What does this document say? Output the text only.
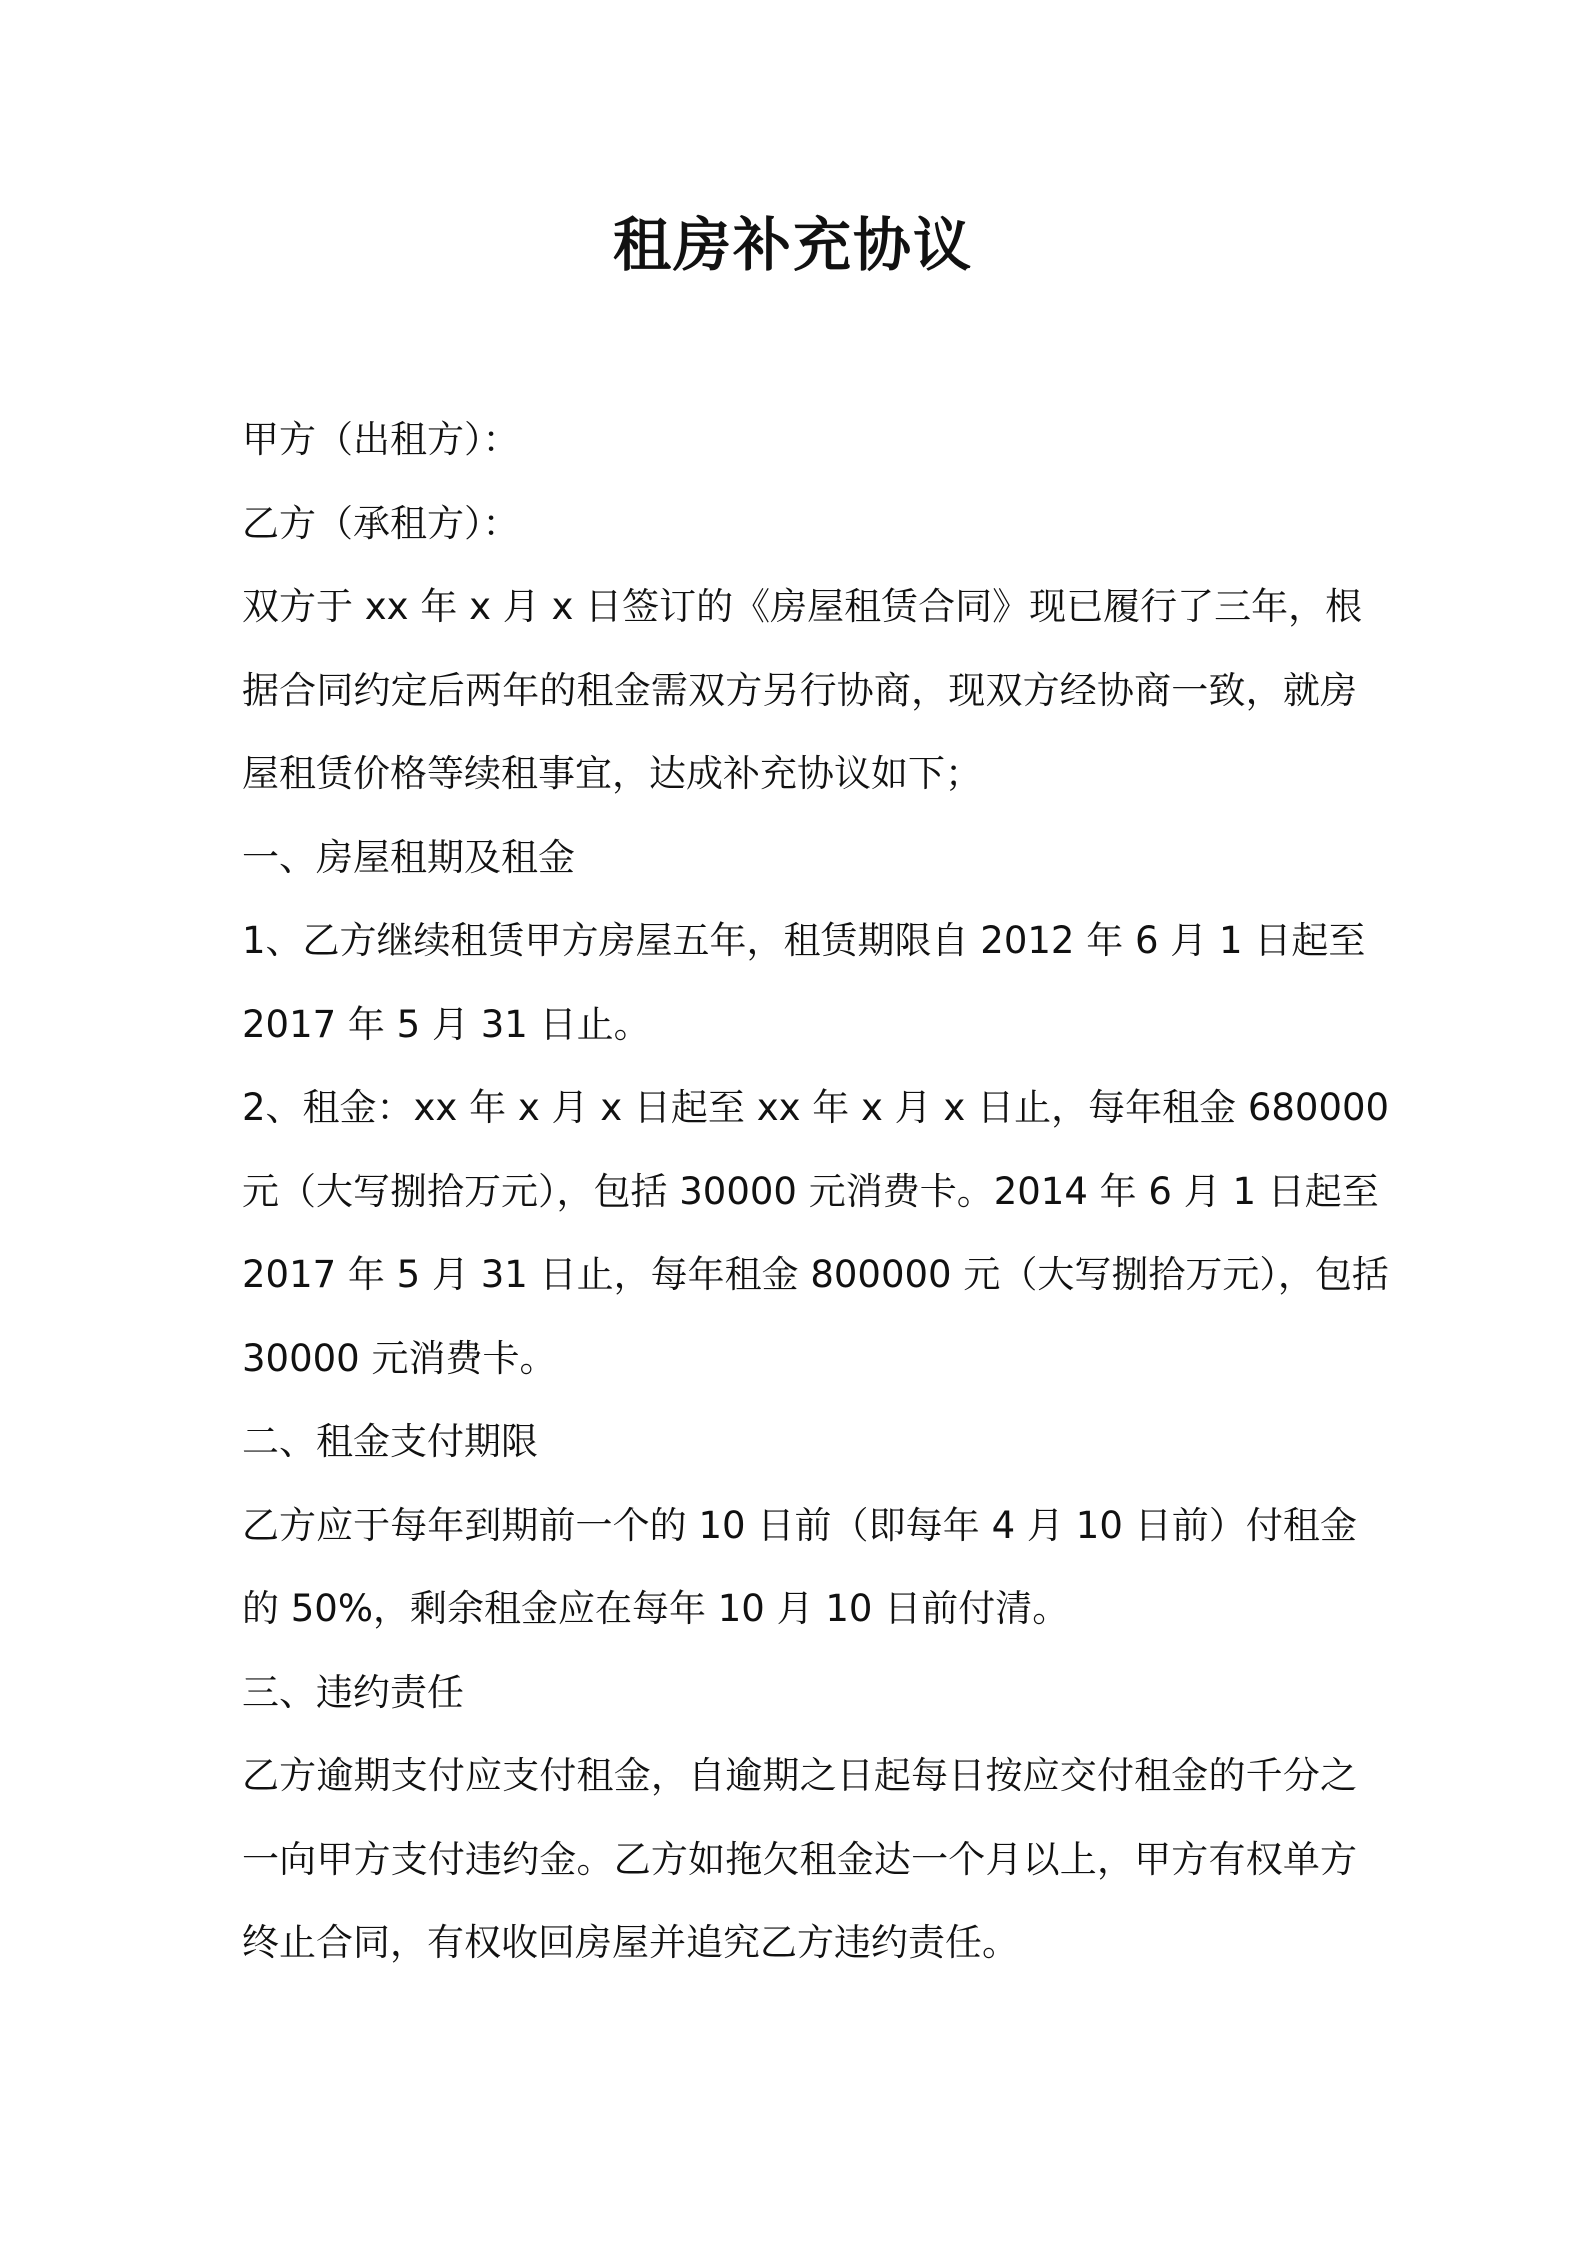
租房补充协议
甲方（出租方）：
乙方（承租方）：
双方于 xx 年 x 月 x 日签订的《房屋租赁合同》现已履行了三年，根
据合同约定后两年的租金需双方另行协商，现双方经协商一致，就房
屋租赁价格等续租事宜，达成补充协议如下；
一、房屋租期及租金
1、乙方继续租赁甲方房屋五年，租赁期限自 2012 年 6 月 1 日起至
2017 年 5 月 31 日止。
2、租金：xx 年 x 月 x 日起至 xx 年 x 月 x 日止，每年租金 680000
元（大写捌拾万元），包括 30000 元消费卡。2014 年 6 月 1 日起至
2017 年 5 月 31 日止，每年租金 800000 元（大写捌拾万元），包括
30000 元消费卡。
二、租金支付期限
乙方应于每年到期前一个的 10 日前（即每年 4 月 10 日前）付租金
的 50%，剩余租金应在每年 10 月 10 日前付清。
三、违约责任
乙方逾期支付应支付租金，自逾期之日起每日按应交付租金的千分之
一向甲方支付违约金。乙方如拖欠租金达一个月以上，甲方有权单方
终止合同，有权收回房屋并追究乙方违约责任。
